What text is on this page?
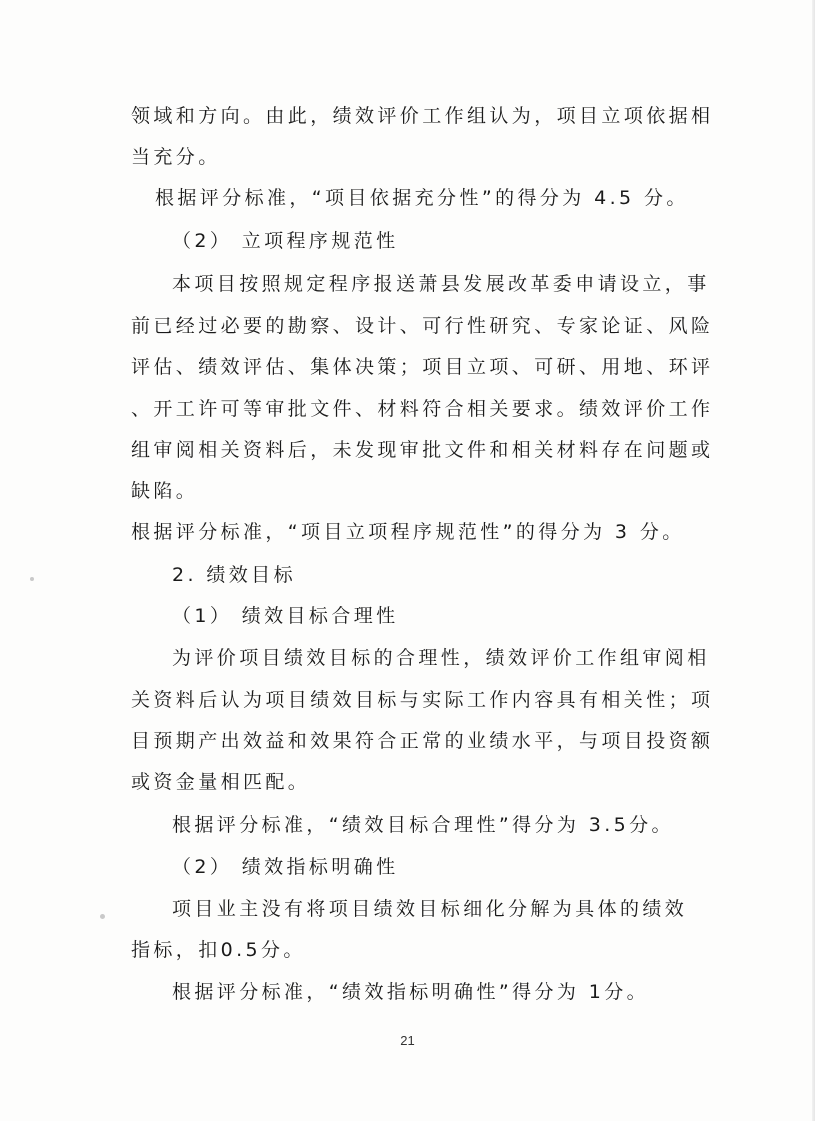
领域和方向。由此，绩效评价工作组认为，项目立项依据相
当充分。
根据评分标准，“项目依据充分性”的得分为 4.5 分。
（2） 立项程序规范性
本项目按照规定程序报送萧县发展改革委申请设立，事
前已经过必要的勘察、设计、可行性研究、专家论证、风险
评估、绩效评估、集体决策；项目立项、可研、用地、环评
、开工许可等审批文件、材料符合相关要求。绩效评价工作
组审阅相关资料后，未发现审批文件和相关材料存在问题或
缺陷。
根据评分标准，“项目立项程序规范性”的得分为 3 分。
2. 绩效目标
（1） 绩效目标合理性
为评价项目绩效目标的合理性，绩效评价工作组审阅相
关资料后认为项目绩效目标与实际工作内容具有相关性；项
目预期产出效益和效果符合正常的业绩水平，与项目投资额
或资金量相匹配。
根据评分标准，“绩效目标合理性”得分为 3.5分。
（2） 绩效指标明确性
项目业主没有将项目绩效目标细化分解为具体的绩效
指标，扣0.5分。
根据评分标准，“绩效指标明确性”得分为 1分。
21
